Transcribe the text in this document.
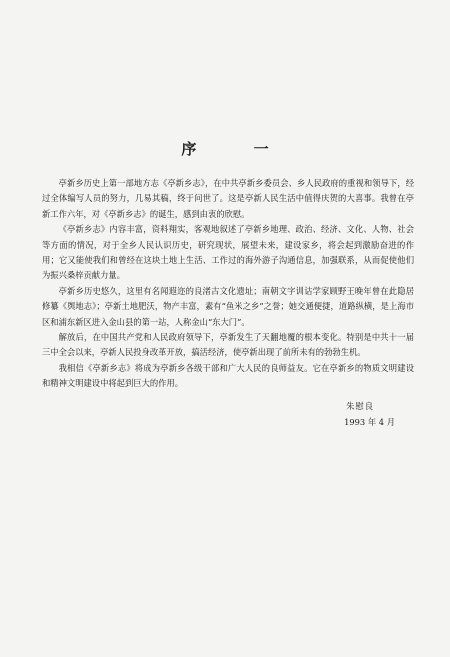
序 一

亭新乡历史上第一部地方志《亭新乡志》，在中共亭新乡委员会、乡人民政府的重视和领导下，经过全体编写人员的努力，几易其稿，终于问世了。这是亭新人民生活中值得庆贺的大喜事。我曾在亭新工作六年，对《亭新乡志》的诞生，感到由衷的欣慰。

《亭新乡志》内容丰富，资料翔实，客观地叙述了亭新乡地理、政治、经济、文化、人物、社会等方面的情况，对于全乡人民认识历史，研究现状，展望未来，建设家乡，将会起到激励奋进的作用；它又能使我们和曾经在这块土地上生活、工作过的海外游子沟通信息，加强联系，从而促使他们为振兴桑梓贡献力量。

亭新乡历史悠久，这里有名闻遐迩的良渚古文化遗址；南朝文字训诂学家顾野王晚年曾在此隐居修纂《舆地志》；亭新土地肥沃，物产丰富，素有“鱼米之乡”之誉；她交通便捷，道路纵横，是上海市区和浦东新区进入金山县的第一站，人称金山“东大门”。

解放后，在中国共产党和人民政府领导下，亭新发生了天翻地覆的根本变化。特别是中共十一届三中全会以来，亭新人民投身改革开放，搞活经济，使亭新出现了前所未有的勃勃生机。

我相信《亭新乡志》将成为亭新乡各级干部和广大人民的良师益友。它在亭新乡的物质文明建设和精神文明建设中将起到巨大的作用。

朱慰良
1993 年 4 月
